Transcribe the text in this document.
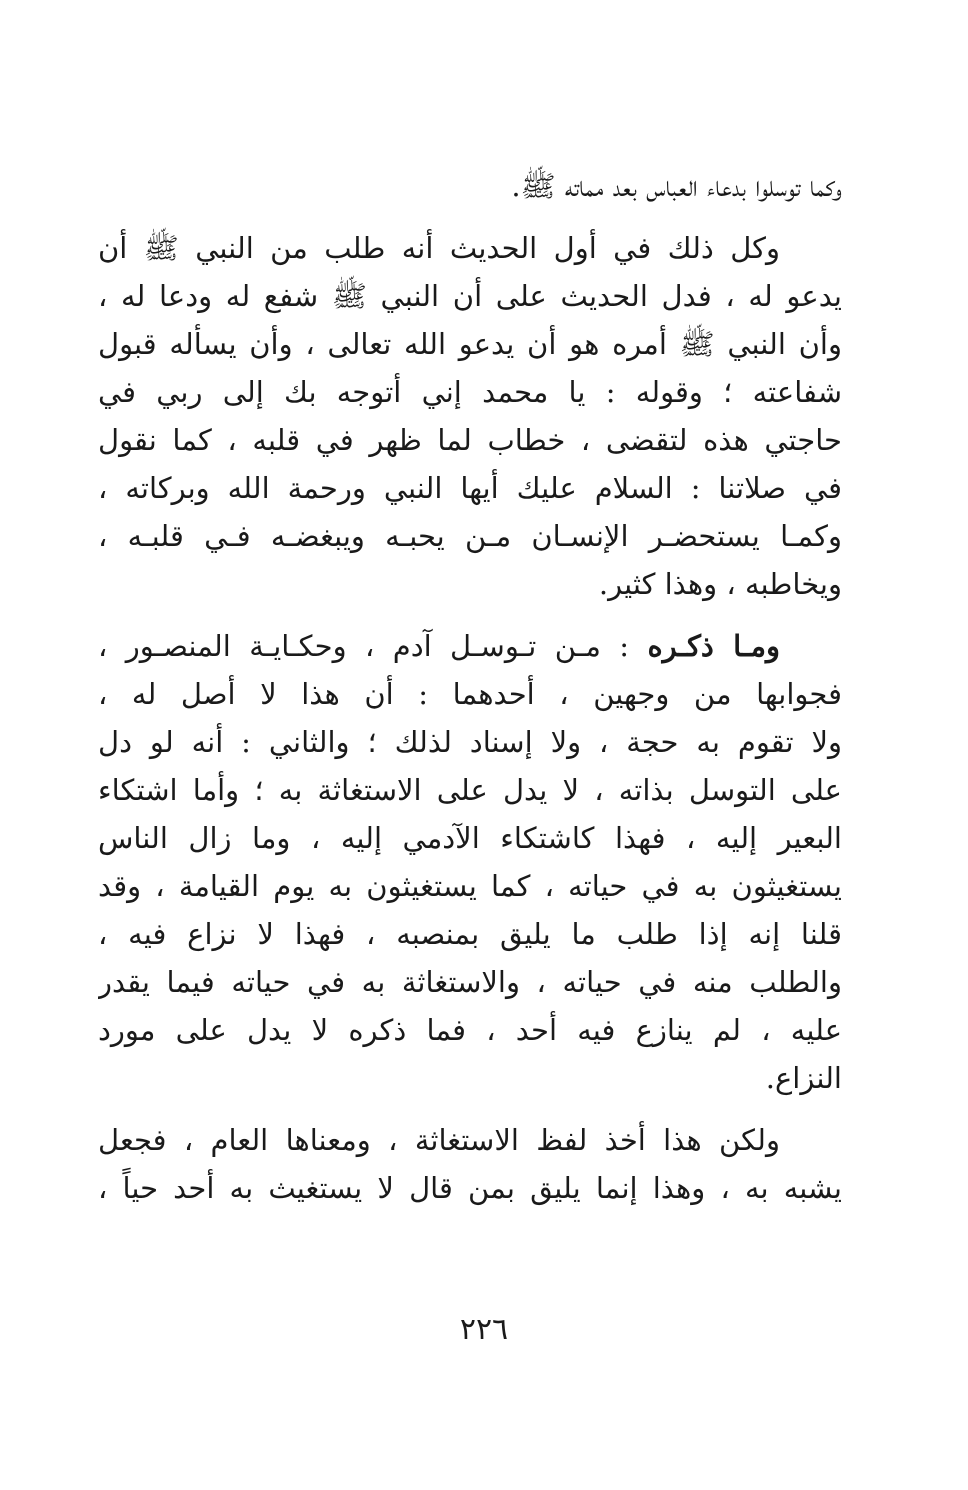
وكما توسلوا بدعاء العباس بعد مماته ﷺ.
وكل ذلك في أول الحديث أنه طلب من النبي ﷺ أن
يدعو له ، فدل الحديث على أن النبي ﷺ شفع له ودعا له ،
وأن النبي ﷺ أمره هو أن يدعو الله تعالى ، وأن يسأله قبول
شفاعته ؛ وقوله : يا محمد إني أتوجه بك إلى ربي في
حاجتي هذه لتقضى ، خطاب لما ظهر في قلبه ، كما نقول
في صلاتنا : السلام عليك أيها النبي ورحمة الله وبركاته ،
وكمـا يستحضـر الإنسـان مـن يحبـه ويبغضـه فـي قلبـه ،
ويخاطبه ، وهذا كثير.
ومـا ذكـره : مـن تـوسـل آدم ، وحكـايـة المنصـور ،
فجوابها من وجهين ، أحدهما : أن هذا لا أصل له ،
ولا تقوم به حجة ، ولا إسناد لذلك ؛ والثاني : أنه لو دل
على التوسل بذاته ، لا يدل على الاستغاثة به ؛ وأما اشتكاء
البعير إليه ، فهذا كاشتكاء الآدمي إليه ، وما زال الناس
يستغيثون به في حياته ، كما يستغيثون به يوم القيامة ، وقد
قلنا إنه إذا طلب ما يليق بمنصبه ، فهذا لا نزاع فيه ،
والطلب منه في حياته ، والاستغاثة به في حياته فيما يقدر
عليه ، لم ينازع فيه أحد ، فما ذكره لا يدل على مورد
النزاع.
ولكن هذا أخذ لفظ الاستغاثة ، ومعناها العام ، فجعل
يشبه به ، وهذا إنما يليق بمن قال لا يستغيث به أحد حياً ،
٢٢٦
